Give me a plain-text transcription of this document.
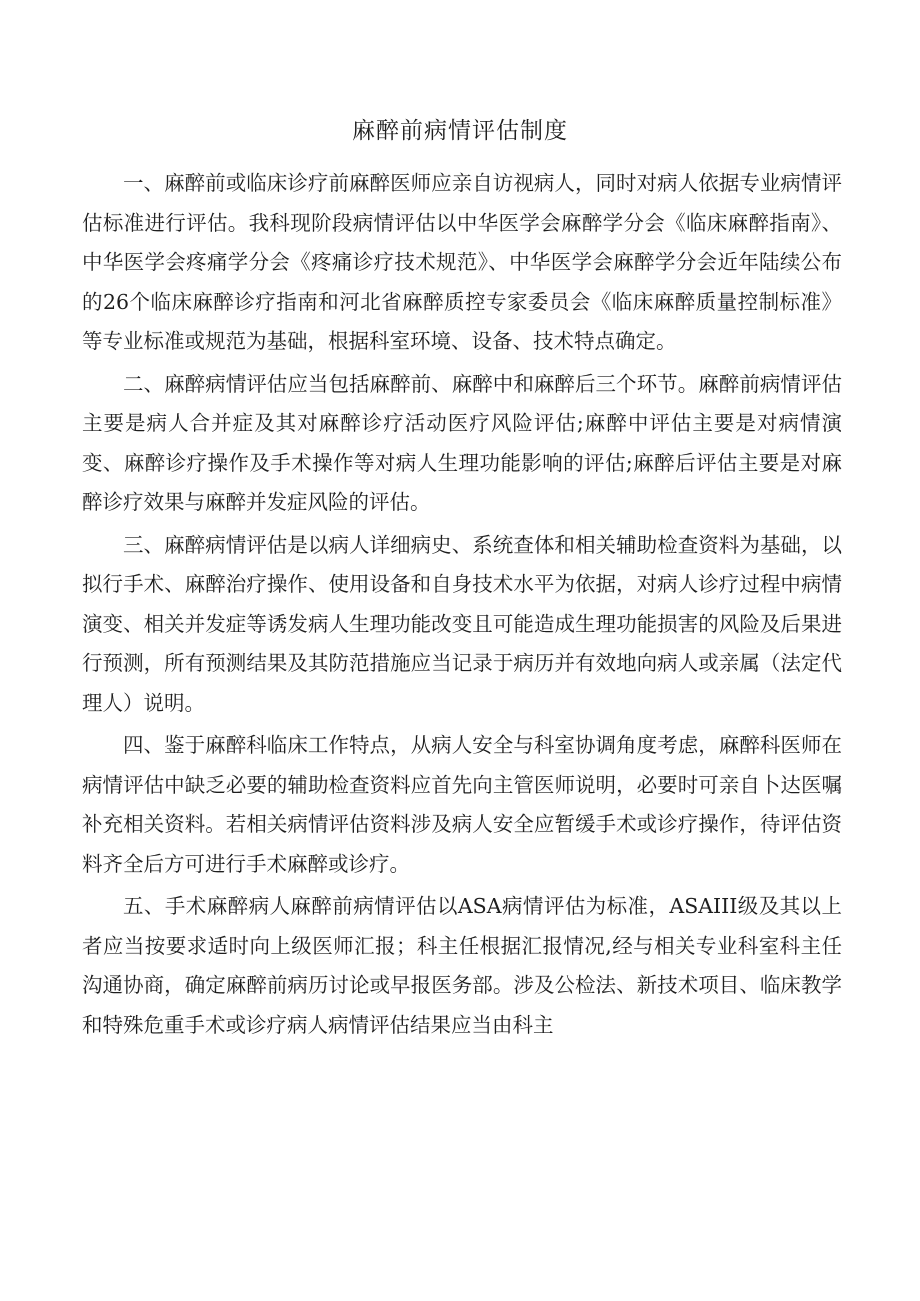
麻醉前病情评估制度

一、麻醉前或临床诊疗前麻醉医师应亲自访视病人，同时对病人依据专业病情评估标准进行评估。我科现阶段病情评估以中华医学会麻醉学分会《临床麻醉指南》、中华医学会疼痛学分会《疼痛诊疗技术规范》、中华医学会麻醉学分会近年陆续公布的26个临床麻醉诊疗指南和河北省麻醉质控专家委员会《临床麻醉质量控制标准》等专业标准或规范为基础，根据科室环境、设备、技术特点确定。

二、麻醉病情评估应当包括麻醉前、麻醉中和麻醉后三个环节。麻醉前病情评估主要是病人合并症及其对麻醉诊疗活动医疗风险评估;麻醉中评估主要是对病情演变、麻醉诊疗操作及手术操作等对病人生理功能影响的评估;麻醉后评估主要是对麻醉诊疗效果与麻醉并发症风险的评估。

三、麻醉病情评估是以病人详细病史、系统查体和相关辅助检查资料为基础，以拟行手术、麻醉治疗操作、使用设备和自身技术水平为依据，对病人诊疗过程中病情演变、相关并发症等诱发病人生理功能改变且可能造成生理功能损害的风险及后果进行预测，所有预测结果及其防范措施应当记录于病历并有效地向病人或亲属（法定代理人）说明。

四、鉴于麻醉科临床工作特点，从病人安全与科室协调角度考虑，麻醉科医师在病情评估中缺乏必要的辅助检查资料应首先向主管医师说明，必要时可亲自卜达医嘱补充相关资料。若相关病情评估资料涉及病人安全应暂缓手术或诊疗操作，待评估资料齐全后方可进行手术麻醉或诊疗。

五、手术麻醉病人麻醉前病情评估以ASA病情评估为标准，ASAIII级及其以上者应当按要求适时向上级医师汇报；科主任根据汇报情况,经与相关专业科室科主任沟通协商，确定麻醉前病历讨论或早报医务部。涉及公检法、新技术项目、临床教学和特殊危重手术或诊疗病人病情评估结果应当由科主
